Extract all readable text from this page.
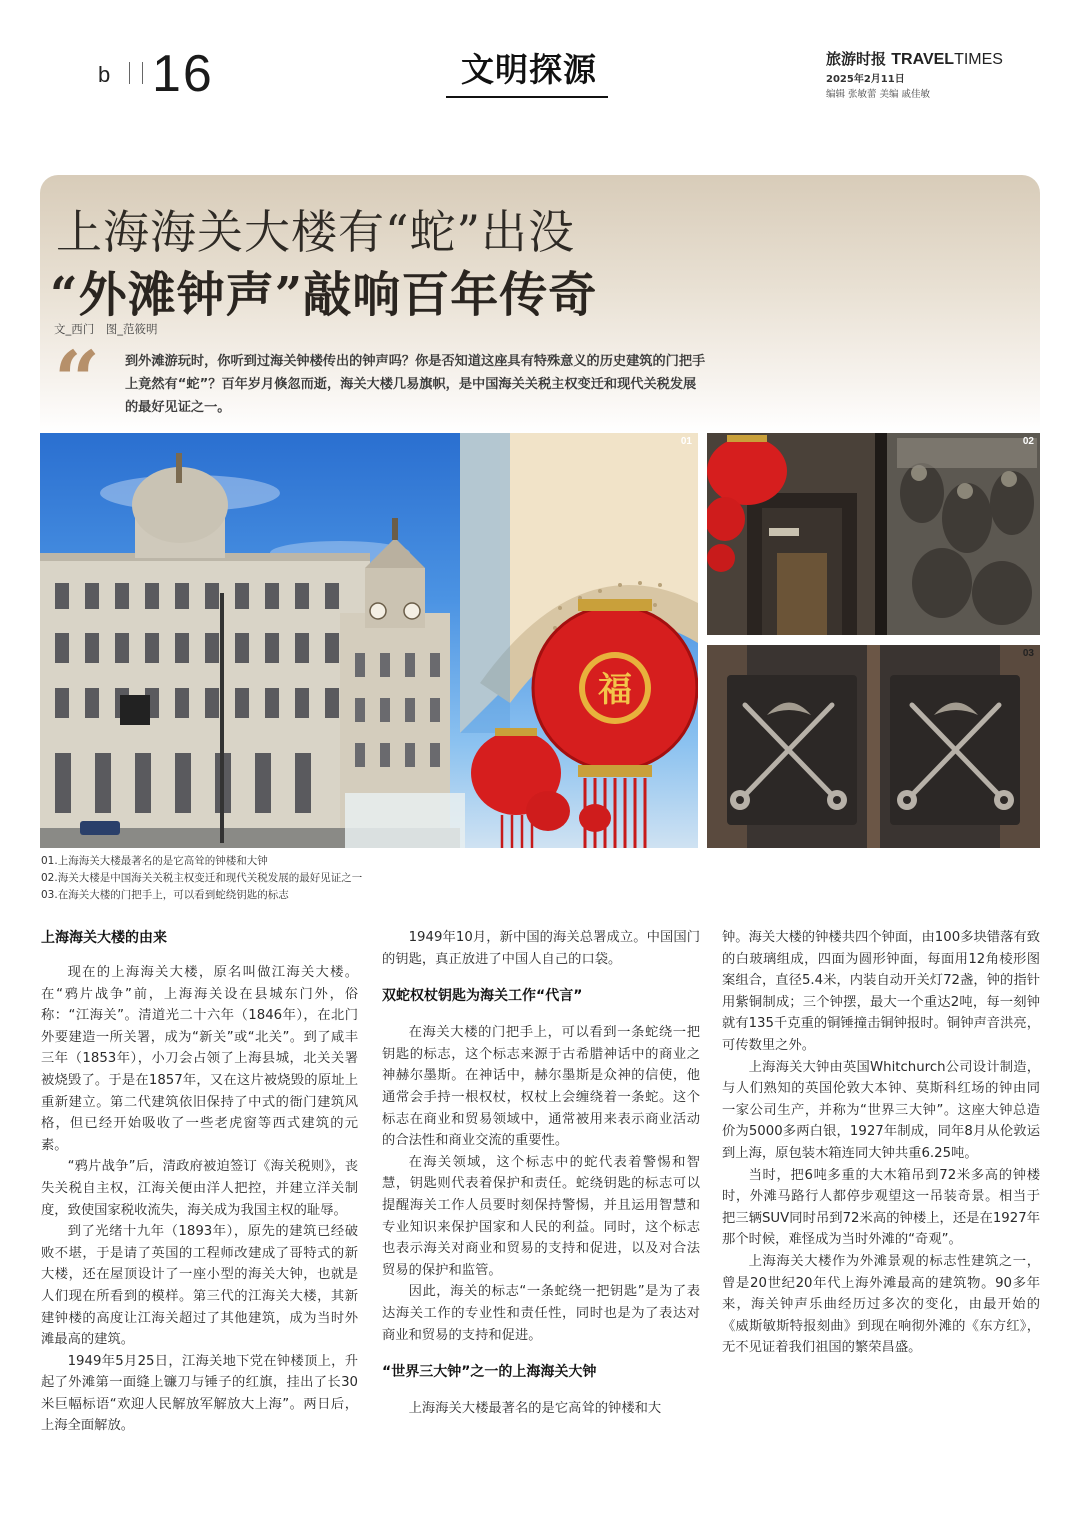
b 16	文明探源	旅游时报 TRAVELTIMES
2025年2月11日
编辑 张敏蕾 美编 戚佳敏
上海海关大楼有“蛇”出没
“外滩钟声”敲响百年传奇
文_西门　图_范筱明
“ 到外滩游玩时，你听到过海关钟楼传出的钟声吗？你是否知道这座具有特殊意义的历史建筑的门把手上竟然有“蛇”？百年岁月倏忽而逝，海关大楼几易旗帜，是中国海关关税主权变迁和现代关税发展的最好见证之一。
福
01	02
03
01.上海海关大楼最著名的是它高耸的钟楼和大钟
02.海关大楼是中国海关关税主权变迁和现代关税发展的最好见证之一
03.在海关大楼的门把手上，可以看到蛇绕钥匙的标志
上海海关大楼的由来

现在的上海海关大楼，原名叫做江海关大楼。在“鸦片战争”前，上海海关设在县城东门外，俗称：“江海关”。清道光二十六年（1846年），在北门外要建造一所关署，成为“新关”或“北关”。到了咸丰三年（1853年），小刀会占领了上海县城，北关关署被烧毁了。于是在1857年，又在这片被烧毁的原址上重新建立。第二代建筑依旧保持了中式的衙门建筑风格，但已经开始吸收了一些老虎窗等西式建筑的元素。

“鸦片战争”后，清政府被迫签订《海关税则》，丧失关税自主权，江海关便由洋人把控，并建立洋关制度，致使国家税收流失，海关成为我国主权的耻辱。

到了光绪十九年（1893年），原先的建筑已经破败不堪，于是请了英国的工程师改建成了哥特式的新大楼，还在屋顶设计了一座小型的海关大钟，也就是人们现在所看到的模样。第三代的江海关大楼，其新建钟楼的高度让江海关超过了其他建筑，成为当时外滩最高的建筑。

1949年5月25日，江海关地下党在钟楼顶上，升起了外滩第一面缝上镰刀与锤子的红旗，挂出了长30米巨幅标语“欢迎人民解放军解放大上海”。两日后，上海全面解放。

1949年10月，新中国的海关总署成立。中国国门的钥匙，真正放进了中国人自己的口袋。

双蛇权杖钥匙为海关工作“代言”

在海关大楼的门把手上，可以看到一条蛇绕一把钥匙的标志，这个标志来源于古希腊神话中的商业之神赫尔墨斯。在神话中，赫尔墨斯是众神的信使，他通常会手持一根权杖，权杖上会缠绕着一条蛇。这个标志在商业和贸易领域中，通常被用来表示商业活动的合法性和商业交流的重要性。

在海关领域，这个标志中的蛇代表着警惕和智慧，钥匙则代表着保护和责任。蛇绕钥匙的标志可以提醒海关工作人员要时刻保持警惕，并且运用智慧和专业知识来保护国家和人民的利益。同时，这个标志也表示海关对商业和贸易的支持和促进，以及对合法贸易的保护和监管。

因此，海关的标志“一条蛇绕一把钥匙”是为了表达海关工作的专业性和责任性，同时也是为了表达对商业和贸易的支持和促进。

“世界三大钟”之一的上海海关大钟

上海海关大楼最著名的是它高耸的钟楼和大

钟。海关大楼的钟楼共四个钟面，由100多块错落有致的白玻璃组成，四面为圆形钟面，每面用12角棱形图案组合，直径5.4米，内装自动开关灯72盏，钟的指针用紫铜制成；三个钟摆，最大一个重达2吨，每一刻钟就有135千克重的铜锤撞击铜钟报时。铜钟声音洪亮，可传数里之外。

上海海关大钟由英国Whitchurch公司设计制造，与人们熟知的英国伦敦大本钟、莫斯科红场的钟由同一家公司生产，并称为“世界三大钟”。这座大钟总造价为5000多两白银，1927年制成，同年8月从伦敦运到上海，原包装木箱连同大钟共重6.25吨。

当时，把6吨多重的大木箱吊到72米多高的钟楼时，外滩马路行人都停步观望这一吊装奇景。相当于把三辆SUV同时吊到72米高的钟楼上，还是在1927年那个时候，难怪成为当时外滩的“奇观”。

上海海关大楼作为外滩景观的标志性建筑之一，曾是20世纪20年代上海外滩最高的建筑物。90多年来，海关钟声乐曲经历过多次的变化，由最开始的《威斯敏斯特报刻曲》到现在响彻外滩的《东方红》，无不见证着我们祖国的繁荣昌盛。
